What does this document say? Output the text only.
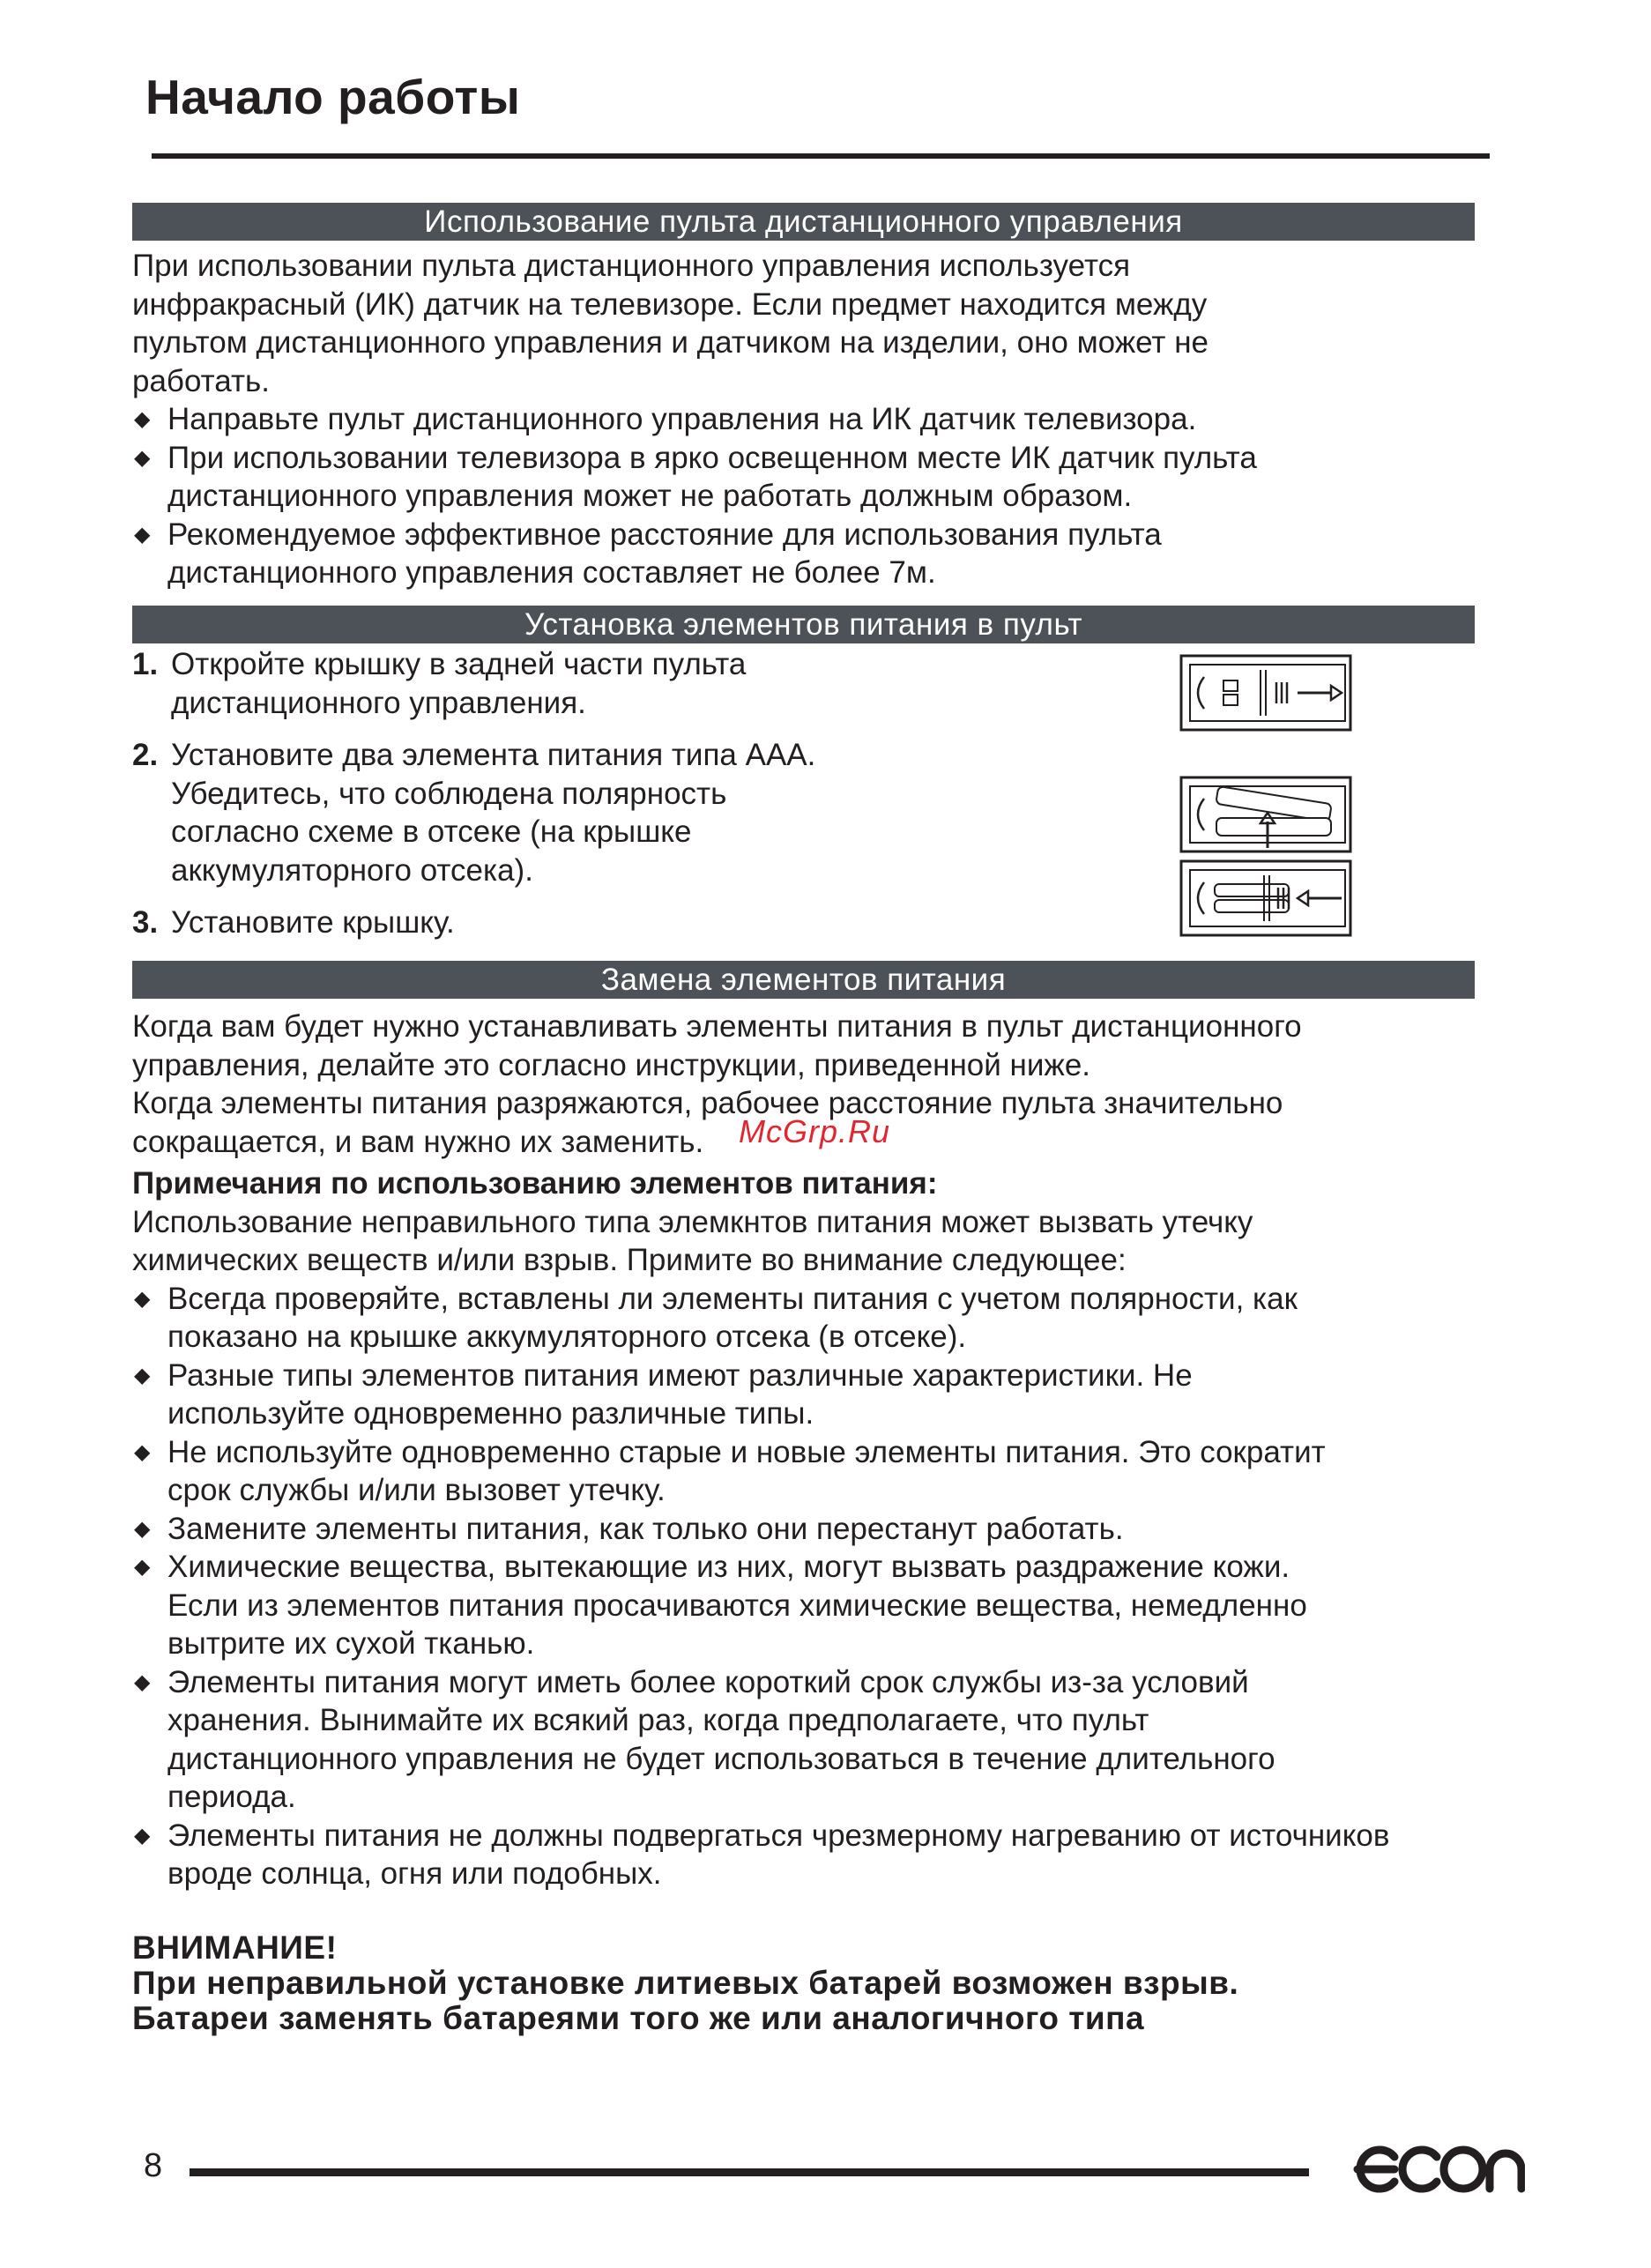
Начало работы
Использование пульта дистанционного управления

При использовании пульта дистанционного управления используется

инфракрасный (ИК) датчик на телевизоре. Если предмет находится между

пультом дистанционного управления и датчиком на изделии, оно может не

работать.

◆ Направьте пульт дистанционного управления на ИК датчик телевизора.
◆ При использовании телевизора в ярко освещенном месте ИК датчик пульта
дистанционного управления может не работать должным образом.
◆ Рекомендуемое эффективное расстояние для использования пульта
дистанционного управления составляет не более 7м.
Установка элементов питания в пульт
1. Откройте крышку в задней части пульта
дистанционного управления.
2. Установите два элемента питания типа ААА.
Убедитесь, что соблюдена полярность
согласно схеме в отсеке (на крышке
аккумуляторного отсека).
3. Установите крышку.
Замена элементов питания

Когда вам будет нужно устанавливать элементы питания в пульт дистанционного

управления, делайте это согласно инструкции, приведенной ниже.

Когда элементы питания разряжаются, рабочее расстояние пульта значительно

сокращается, и вам нужно их заменить.

Примечания по использованию элементов питания:

Использование неправильного типа элемкнтов питания может вызвать утечку

химических веществ и/или взрыв. Примите во внимание следующее:

◆ Всегда проверяйте, вставлены ли элементы питания с учетом полярности, как
показано на крышке аккумуляторного отсека (в отсеке).
◆ Разные типы элементов питания имеют различные характеристики. Не
используйте одновременно различные типы.
◆ Не используйте одновременно старые и новые элементы питания. Это сократит
срок службы и/или вызовет утечку.
◆ Замените элементы питания, как только они перестанут работать.
◆ Химические вещества, вытекающие из них, могут вызвать раздражение кожи.
Если из элементов питания просачиваются химические вещества, немедленно
вытрите их сухой тканью.
◆ Элементы питания могут иметь более короткий срок службы из-за условий
хранения. Вынимайте их всякий раз, когда предполагаете, что пульт
дистанционного управления не будет использоваться в течение длительного
периода.
◆ Элементы питания не должны подвергаться чрезмерному нагреванию от источников
вроде солнца, огня или подобных.
McGrp.Ru

ВНИМАНИЕ!

При неправильной установке литиевых батарей возможен взрыв.

Батареи заменять батареями того же или аналогичного типа

8
